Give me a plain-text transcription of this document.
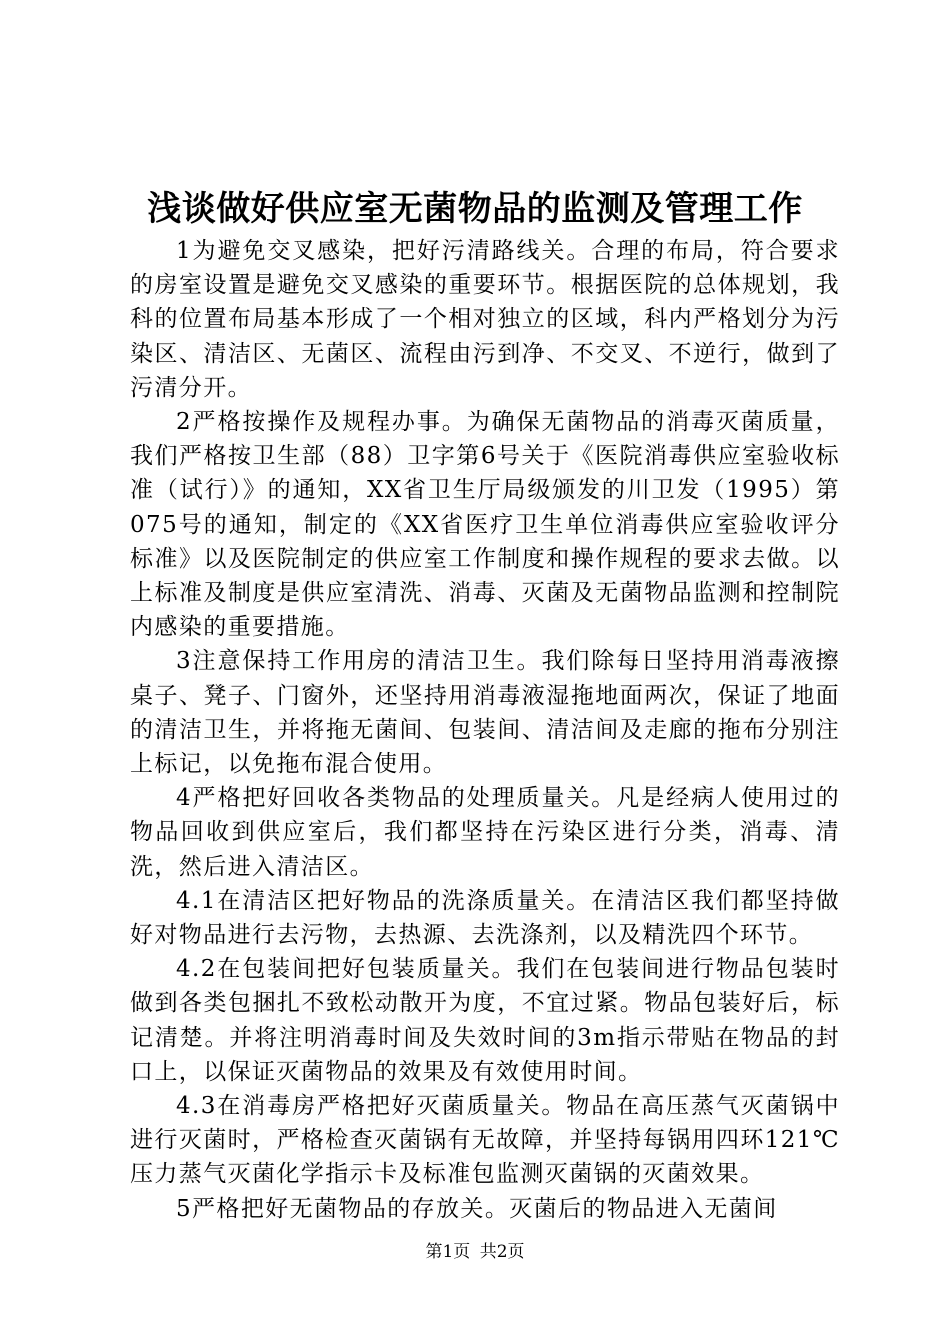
浅谈做好供应室无菌物品的监测及管理工作

1为避免交叉感染，把好污清路线关。合理的布局，符合要求的房室设置是避免交叉感染的重要环节。根据医院的总体规划，我科的位置布局基本形成了一个相对独立的区域，科内严格划分为污染区、清洁区、无菌区、流程由污到净、不交叉、不逆行，做到了污清分开。

2严格按操作及规程办事。为确保无菌物品的消毒灭菌质量，我们严格按卫生部（88）卫字第6号关于《医院消毒供应室验收标准（试行）》的通知，XX省卫生厅局级颁发的川卫发（1995）第075号的通知，制定的《XX省医疗卫生单位消毒供应室验收评分标准》以及医院制定的供应室工作制度和操作规程的要求去做。以上标准及制度是供应室清洗、消毒、灭菌及无菌物品监测和控制院内感染的重要措施。

3注意保持工作用房的清洁卫生。我们除每日坚持用消毒液擦桌子、凳子、门窗外，还坚持用消毒液湿拖地面两次，保证了地面的清洁卫生，并将拖无菌间、包装间、清洁间及走廊的拖布分别注上标记，以免拖布混合使用。

4严格把好回收各类物品的处理质量关。凡是经病人使用过的物品回收到供应室后，我们都坚持在污染区进行分类，消毒、清洗，然后进入清洁区。

4.1在清洁区把好物品的洗涤质量关。在清洁区我们都坚持做好对物品进行去污物，去热源、去洗涤剂，以及精洗四个环节。

4.2在包装间把好包装质量关。我们在包装间进行物品包装时做到各类包捆扎不致松动散开为度，不宜过紧。物品包装好后，标记清楚。并将注明消毒时间及失效时间的3m指示带贴在物品的封口上，以保证灭菌物品的效果及有效使用时间。

4.3在消毒房严格把好灭菌质量关。物品在高压蒸气灭菌锅中进行灭菌时，严格检查灭菌锅有无故障，并坚持每锅用四环121℃压力蒸气灭菌化学指示卡及标准包监测灭菌锅的灭菌效果。

5严格把好无菌物品的存放关。灭菌后的物品进入无菌间

第1页 共2页
